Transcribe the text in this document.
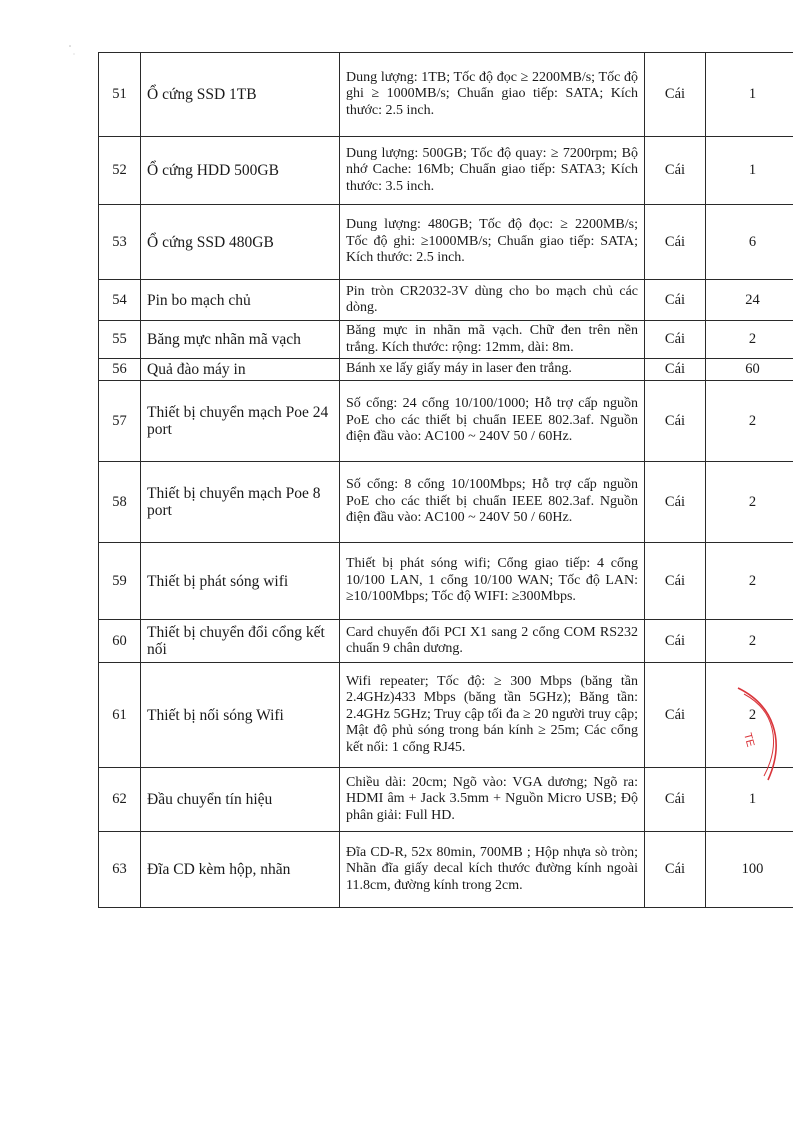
51	Ổ cứng SSD 1TB	Dung lượng: 1TB; Tốc độ đọc ≥ 2200MB/s; Tốc độ ghi ≥ 1000MB/s; Chuẩn giao tiếp: SATA; Kích thước: 2.5 inch.	Cái	1
52	Ổ cứng HDD 500GB	Dung lượng: 500GB; Tốc độ quay: ≥ 7200rpm; Bộ nhớ Cache: 16Mb; Chuẩn giao tiếp: SATA3; Kích thước: 3.5 inch.	Cái	1
53	Ổ cứng SSD 480GB	Dung lượng: 480GB; Tốc độ đọc: ≥ 2200MB/s; Tốc độ ghi: ≥1000MB/s; Chuẩn giao tiếp: SATA; Kích thước: 2.5 inch.	Cái	6
54	Pin bo mạch chủ	Pin tròn CR2032-3V dùng cho bo mạch chủ các dòng.	Cái	24
55	Băng mực nhãn mã vạch	Băng mực in nhãn mã vạch. Chữ đen trên nền trắng. Kích thước: rộng: 12mm, dài: 8m.	Cái	2
56	Quả đào máy in	Bánh xe lấy giấy máy in laser đen trắng.	Cái	60
57	Thiết bị chuyển mạch Poe 24 port	Số cổng: 24 cổng 10/100/1000; Hỗ trợ cấp nguồn PoE cho các thiết bị chuẩn IEEE 802.3af. Nguồn điện đầu vào: AC100 ~ 240V 50 / 60Hz.	Cái	2
58	Thiết bị chuyển mạch Poe 8 port	Số cổng: 8 cổng 10/100Mbps; Hỗ trợ cấp nguồn PoE cho các thiết bị chuẩn IEEE 802.3af. Nguồn điện đầu vào: AC100 ~ 240V 50 / 60Hz.	Cái	2
59	Thiết bị phát sóng wifi	Thiết bị phát sóng wifi; Cổng giao tiếp: 4 cổng 10/100 LAN, 1 cổng 10/100 WAN; Tốc độ LAN: ≥10/100Mbps; Tốc độ WIFI: ≥300Mbps.	Cái	2
60	Thiết bị chuyển đổi cổng kết nối	Card chuyển đổi PCI X1 sang 2 cổng COM RS232 chuẩn 9 chân dương.	Cái	2
61	Thiết bị nối sóng Wifi	Wifi repeater; Tốc độ: ≥ 300 Mbps (băng tần 2.4GHz)433 Mbps (băng tần 5GHz); Băng tần: 2.4GHz 5GHz; Truy cập tối đa ≥ 20 người truy cập; Mật độ phủ sóng trong bán kính ≥ 25m; Các cổng kết nối: 1 cổng RJ45.	Cái	2
62	Đầu chuyển tín hiệu	Chiều dài: 20cm; Ngõ vào: VGA dương; Ngõ ra: HDMI âm + Jack 3.5mm + Nguồn Micro USB; Độ phân giải: Full HD.	Cái	1
63	Đĩa CD kèm hộp, nhãn	Đĩa CD-R, 52x 80min, 700MB ; Hộp nhựa sò tròn; Nhãn đĩa giấy decal kích thước đường kính ngoài 11.8cm, đường kính trong 2cm.	Cái	100
TE
